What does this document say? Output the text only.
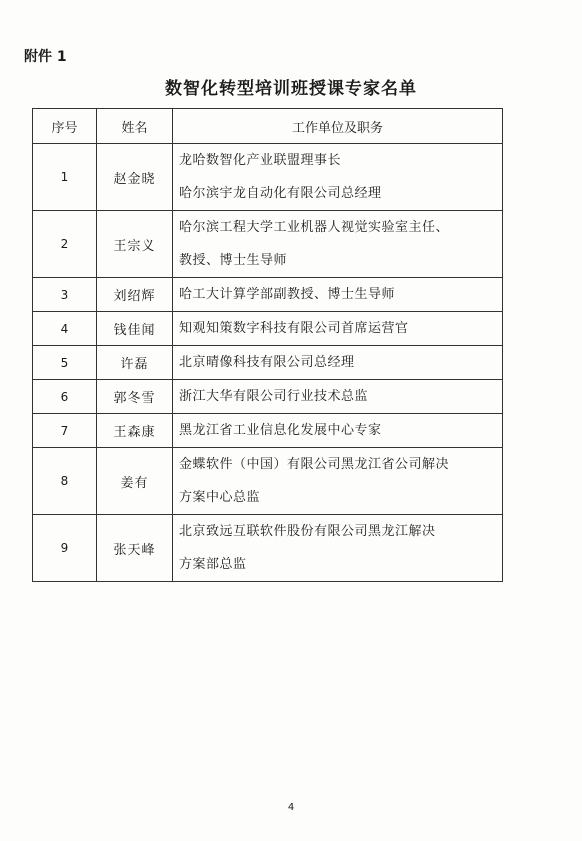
附件 1
数智化转型培训班授课专家名单
序号	姓名	工作单位及职务
1	赵金晓	龙哈数智化产业联盟理事长
哈尔滨宇龙自动化有限公司总经理

2	王宗义	哈尔滨工程大学工业机器人视觉实验室主任、
教授、博士生导师

3	刘绍辉	哈工大计算学部副教授、博士生导师

4	钱佳闻	知观知策数字科技有限公司首席运营官

5	许磊	北京晴像科技有限公司总经理

6	郭冬雪	浙江大华有限公司行业技术总监

7	王森康	黑龙江省工业信息化发展中心专家

8	姜有	金蝶软件（中国）有限公司黑龙江省公司解决
方案中心总监

9	张天峰	北京致远互联软件股份有限公司黑龙江解决
方案部总监
4
